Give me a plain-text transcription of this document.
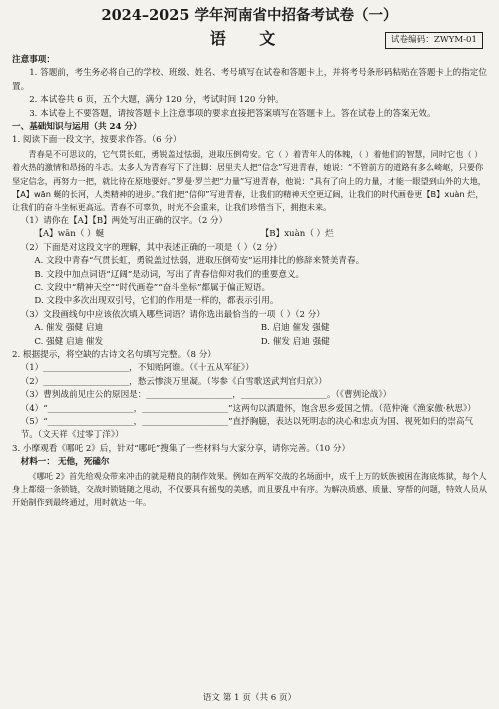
2024–2025 学年河南省中招备考试卷（一）
语 文	试卷编码：ZWYM-01

注意事项：

1. 答题前，考生务必将自己的学校、班级、姓名、考号填写在试卷和答题卡上，并将考号条形码粘贴在答题卡上的指定位置。

2. 本试卷共 6 页，五个大题，满分 120 分，考试时间 120 分钟。

3. 本试卷上不要答题，请按答题卡上注意事项的要求直接把答案填写在答题卡上。答在试卷上的答案无效。

一、基础知识与运用（共 24 分）

1. 阅读下面一段文字，按要求作答。（6 分）

青春是不可思议的，它气贯长虹，勇锐盖过怯弱，进取压倒苟安。它（ ）着青年人的体魄，（ ）着他们的智慧，同时它也（ ）着火热的激情和昂扬的斗志。太多人为青春写下了注脚：居里夫人把“信念”写进青春，她说：“不管前方的道路有多么崎岖，只要你坚定信念，再努力一把，就比待在原地要好。”罗曼·罗兰把“力量”写进青春，他说：“具有了向上的力量，才能一眼望到山外的大地，【A】wān 蜒的长河，人类精神的进步。”我们把“信仰”写进青春，让我们的精神天空更辽阔，让我们的时代画卷更【B】xuàn 烂，让我们的奋斗坐标更高远。青春不可辜负，时光不会重来，让我们珍惜当下，拥抱未来。

（1）请你在【A】【B】两处写出正确的汉字。（2 分）

【A】wān（ ）蜒	【B】xuàn（ ）烂

（2）下面是对这段文字的理解，其中表述正确的一项是（ ）（2 分）

A. 文段中青春“气贯长虹，勇锐盖过怯弱，进取压倒苟安”运用排比的修辞来赞美青春。

B. 文段中加点词语“辽阔”是动词，写出了青春信仰对我们的重要意义。

C. 文段中“精神天空”“时代画卷”“奋斗坐标”都属于偏正短语。

D. 文段中多次出现双引号，它们的作用是一样的，都表示引用。

（3）文段画线句中应该依次填入哪些词语？请你选出最恰当的一项（ ）（2 分）

A. 催发 强健 启迪	B. 启迪 催发 强健
C. 强健 启迪 催发	D. 催发 启迪 强健

2. 根据提示，将空缺的古诗文名句填写完整。（8 分）

（1）____________________，不知贻阿谁。（《十五从军征》）

（2）____________________，愁云惨淡万里凝。（岑参《白雪歌送武判官归京》）

（3）曹刿战前见庄公的原因是：____________________，____________________。（《曹刿论战》）

（4）“____________________，____________________”这两句以酒遣怀，饱含思乡爱国之情。（范仲淹《渔家傲·秋思》）

（5）“____________________，____________________”直抒胸臆，表达以死明志的决心和忠贞为国、视死如归的崇高气节。（文天祥《过零丁洋》）

3. 小摩观看《哪吒 2》后，针对“哪吒”搜集了一些材料与大家分享，请你完善。（10 分）

材料一： 无他，死磕尔

《哪吒 2》首先给观众带来冲击的就是精良的制作效果。例如在两军交战的名场面中，成千上万的妖族被困在海底炼狱，每个人身上都缀一条锁链，交战时锁链随之甩动，不仅要具有摇曳的美感，而且要乱中有序。为解决质感、质量、穿帮的问题，特效人员从开始制作到最终通过，用时就达一年。

语文 第 1 页（共 6 页）
